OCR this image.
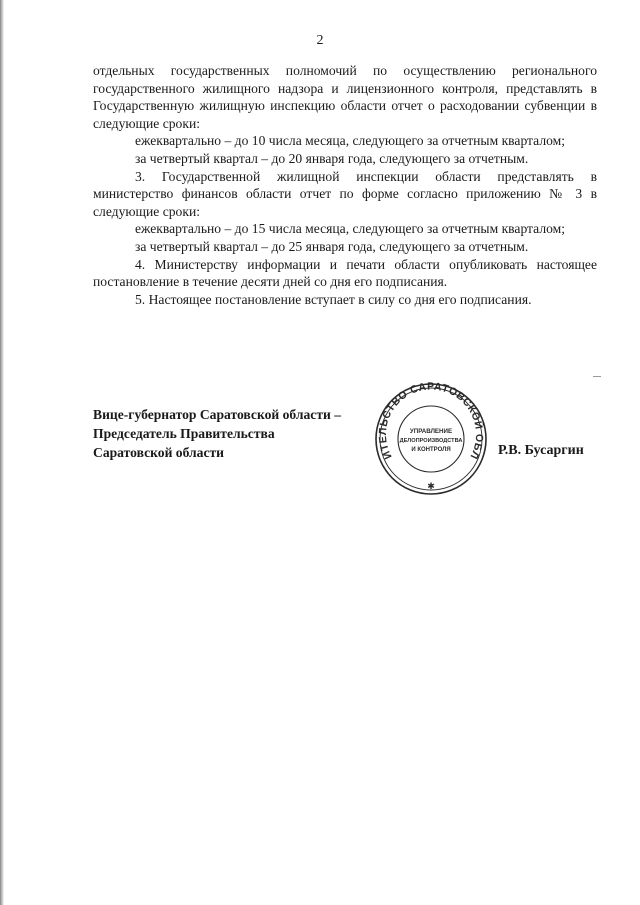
2

отдельных государственных полномочий по осуществлению регионального государственного жилищного надзора и лицензионного контроля, представлять в Государственную жилищную инспекцию области отчет о расходовании субвенции в следующие сроки:

ежеквартально – до 10 числа месяца, следующего за отчетным кварталом;

за четвертый квартал – до 20 января года, следующего за отчетным.

3. Государственной жилищной инспекции области представлять в министерство финансов области отчет по форме согласно приложению № 3 в следующие сроки:

ежеквартально – до 15 числа месяца, следующего за отчетным кварталом;

за четвертый квартал – до 25 января года, следующего за отчетным.

4. Министерству информации и печати области опубликовать настоящее постановление в течение десяти дней со дня его подписания.

5. Настоящее постановление вступает в силу со дня его подписания.

Вице-губернатор Саратовской области –
Председатель Правительства
Саратовской области	ИТЕЛЬСТВО САРАТОВСКОЙ ОБЛ
УПРАВЛЕНИЕ
ДЕЛОПРОИЗВОДСТВА
И КОНТРОЛЯ
✱
Р.В. Бусаргин
